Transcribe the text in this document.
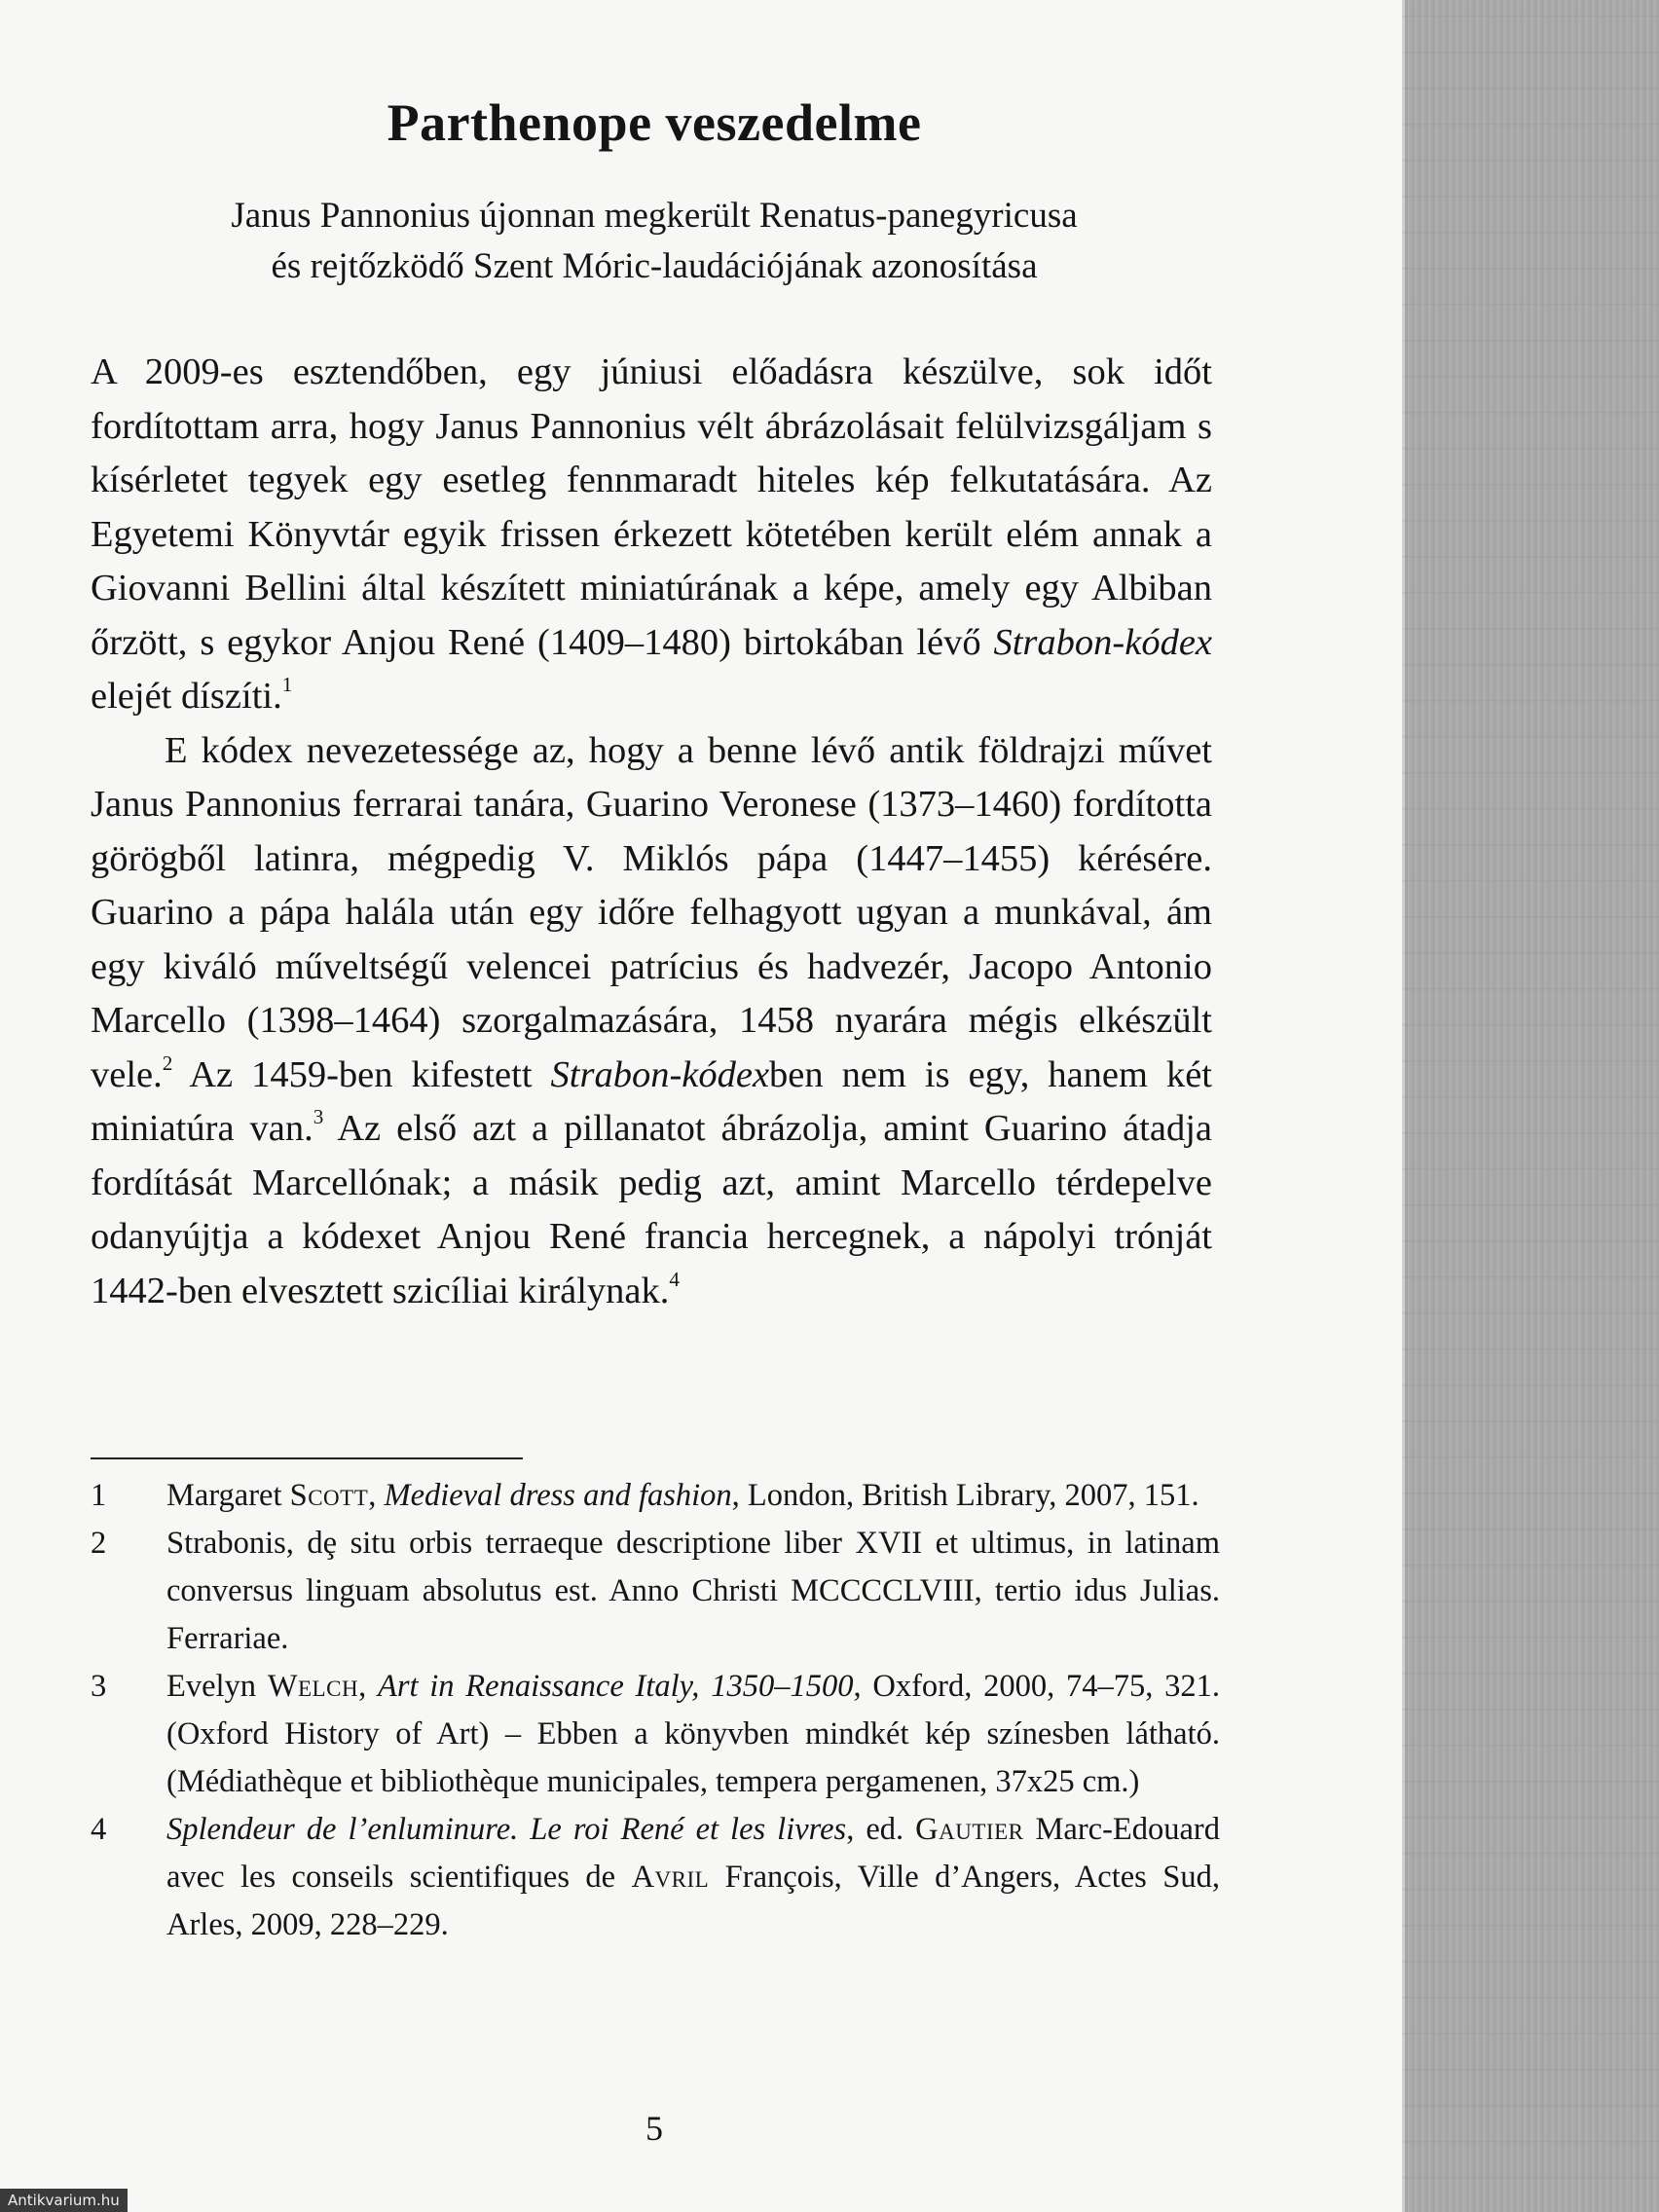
Parthenope veszedelme
Janus Pannonius újonnan megkerült Renatus-panegyricusa
és rejtőzködő Szent Móric-laudációjának azonosítása

A 2009-es esztendőben, egy júniusi előadásra készülve, sok időt fordítottam arra, hogy Janus Pannonius vélt ábrázolásait felülvizsgáljam s kísérletet tegyek egy esetleg fennmaradt hiteles kép felkutatására. Az Egyetemi Könyvtár egyik frissen érkezett kötetében került elém annak a Giovanni Bellini által készített miniatúrának a képe, amely egy Albiban őrzött, s egykor Anjou René (1409–1480) birtokában lévő Strabon-kódex elejét díszíti.$^1$

E kódex nevezetessége az, hogy a benne lévő antik földrajzi művet Janus Pannonius ferrarai tanára, Guarino Veronese (1373–1460) fordította görögből latinra, mégpedig V. Miklós pápa (1447–1455) kérésére. Guarino a pápa halála után egy időre felhagyott ugyan a munkával, ám egy kiváló műveltségű velencei patrícius és hadvezér, Jacopo Antonio Marcello (1398–1464) szorgalmazására, 1458 nyarára mégis elkészült vele.$^2$ Az 1459-ben kifestett Strabon-kódexben nem is egy, hanem két miniatúra van.$^3$ Az első azt a pillanatot ábrázolja, amint Guarino átadja fordítását Marcellónak; a másik pedig azt, amint Marcello térdepelve odanyújtja a kódexet Anjou René francia hercegnek, a nápolyi trónját 1442-ben elvesztett szicíliai királynak.$^4$

1	Margaret Scott, Medieval dress and fashion, London, British Library, 2007, 151.
2	Strabonis, dȩ situ orbis terraeque descriptione liber XVII et ultimus, in latinam conversus linguam absolutus est. Anno Christi MCCCCLVIII, tertio idus Julias. Ferrariae.
3	Evelyn Welch, Art in Renaissance Italy, 1350–1500, Oxford, 2000, 74–75, 321. (Oxford History of Art) – Ebben a könyvben mindkét kép színesben látható. (Médiathèque et bibliothèque municipales, tempera pergamenen, 37x25 cm.)
4	Splendeur de l’enluminure. Le roi René et les livres, ed. Gautier Marc-Edouard avec les conseils scientifiques de Avril François, Ville d’Angers, Actes Sud, Arles, 2009, 228–229.
5
Antikvarium.hu
